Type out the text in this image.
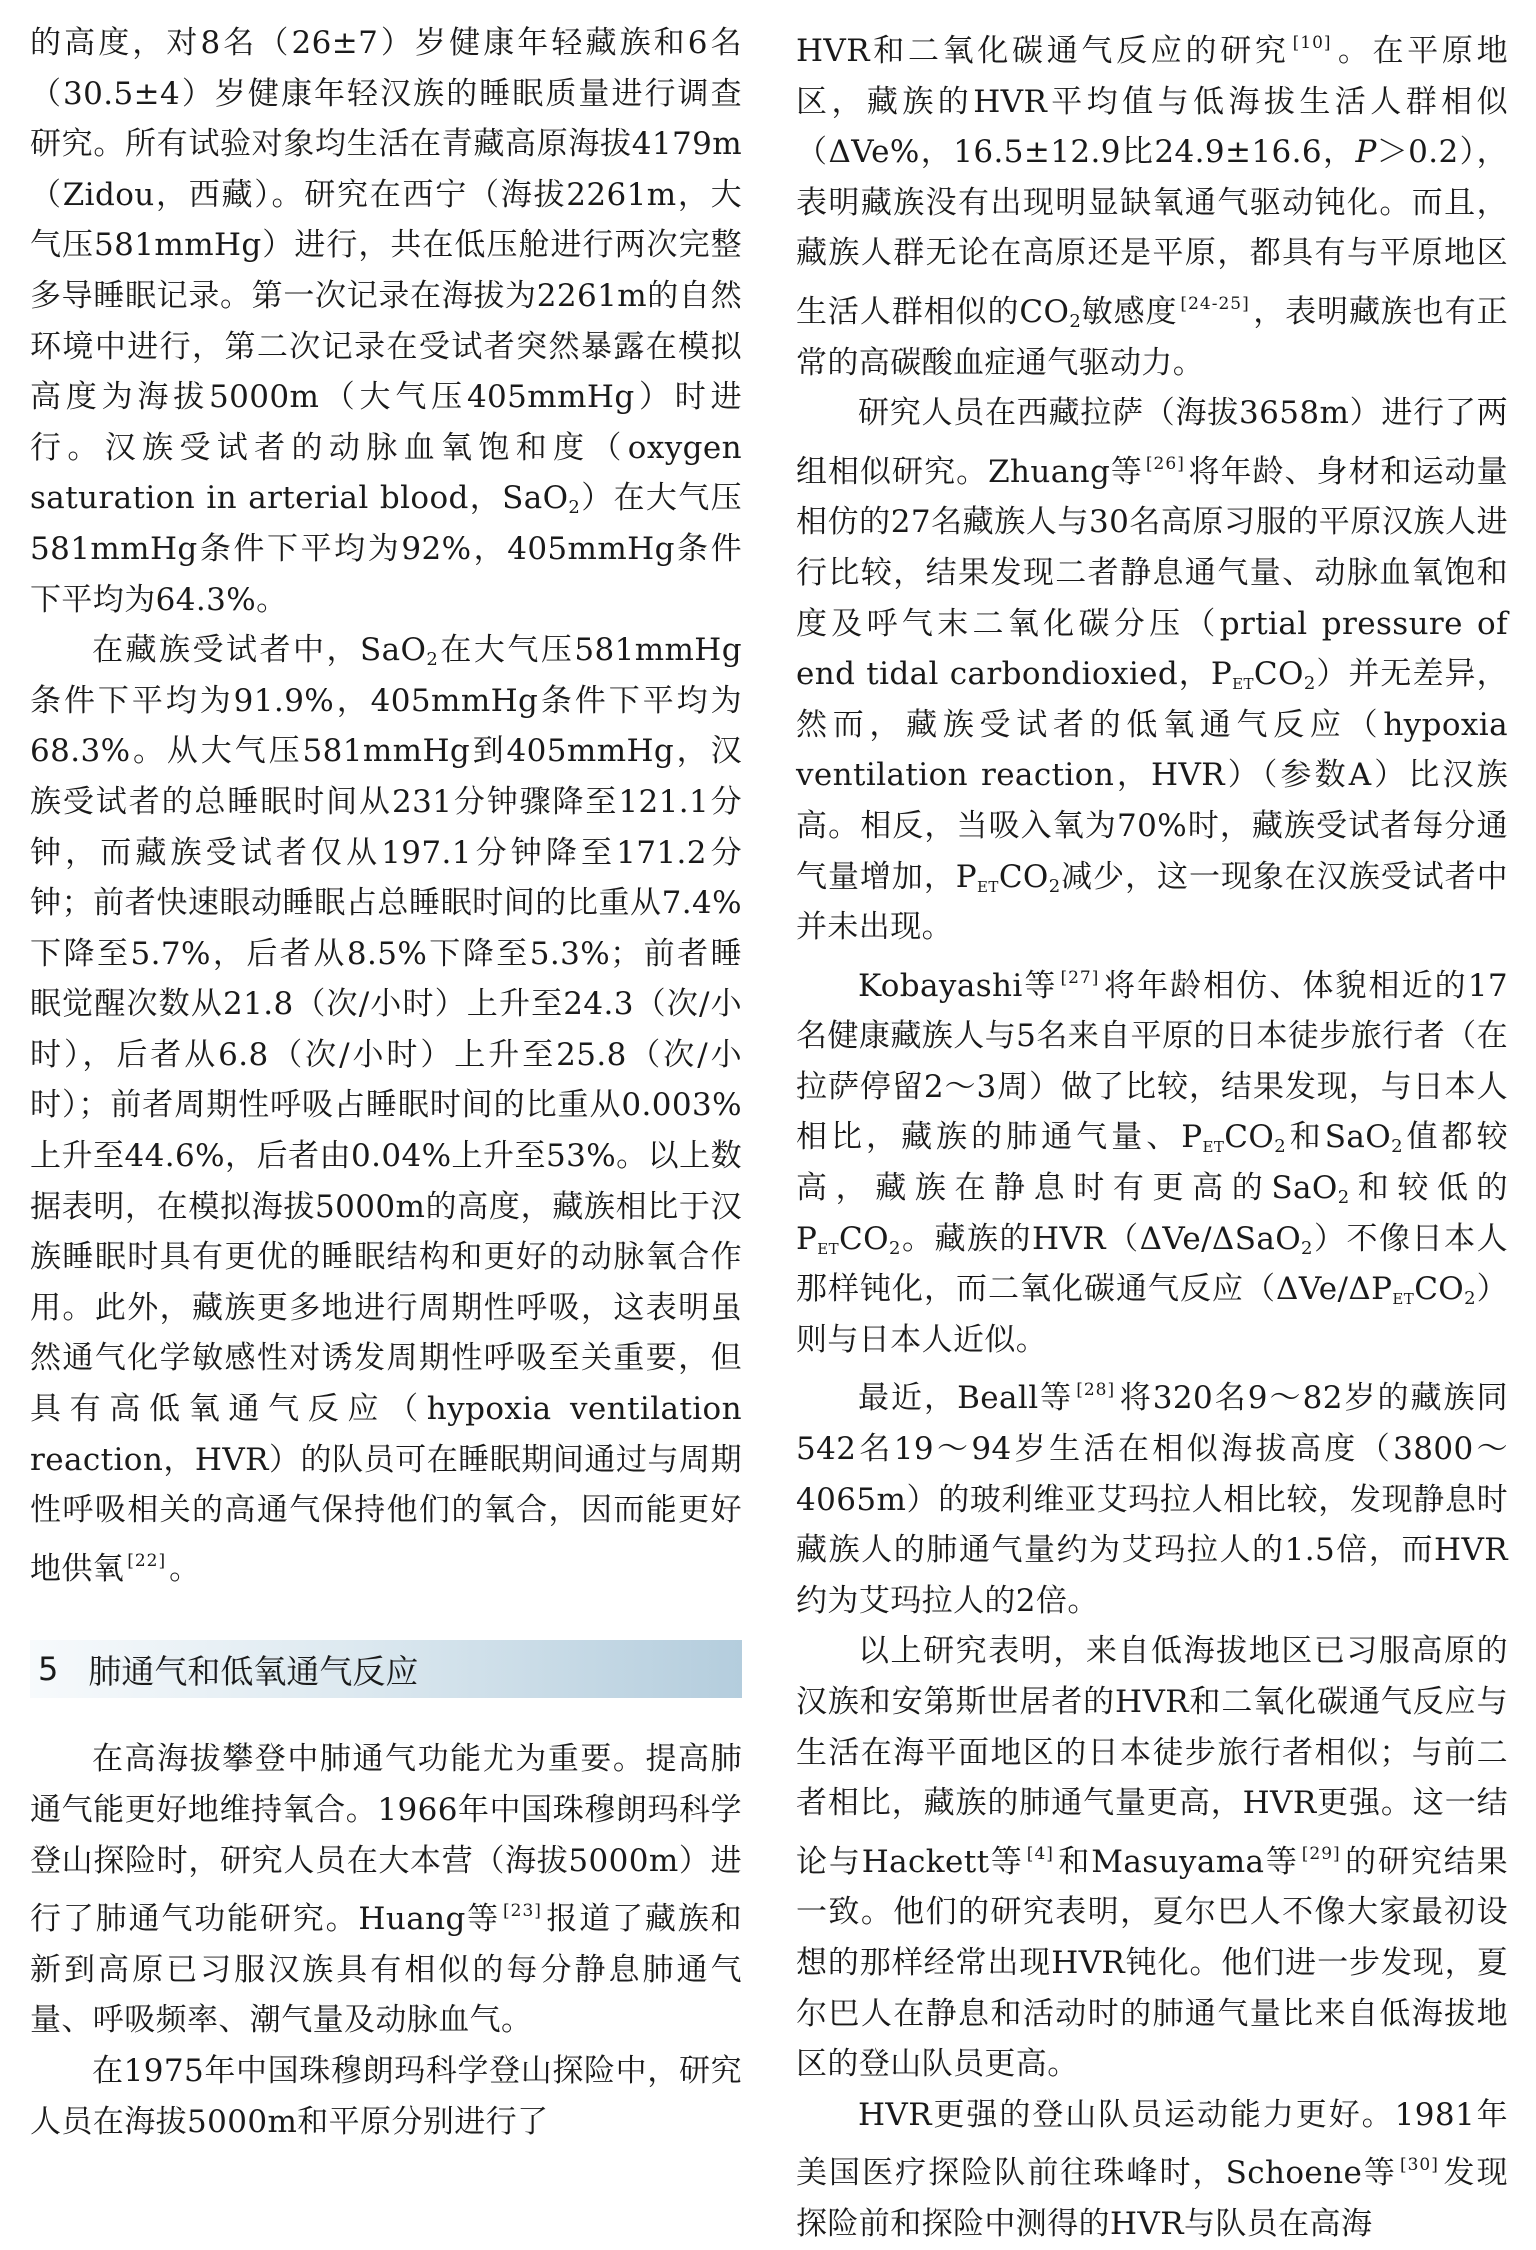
的高度，对8名（26±7）岁健康年轻藏族和6名（30.5±4）岁健康年轻汉族的睡眠质量进行调查研究。所有试验对象均生活在青藏高原海拔4179m（Zidou，西藏）。研究在西宁（海拔2261m，大气压581mmHg）进行，共在低压舱进行两次完整多导睡眠记录。第一次记录在海拔为2261m的自然环境中进行，第二次记录在受试者突然暴露在模拟高度为海拔5000m（大气压405mmHg）时进行。汉族受试者的动脉血氧饱和度（oxygen saturation in arterial blood，SaO$_2$）在大气压581mmHg条件下平均为92%，405mmHg条件下平均为64.3%。

在藏族受试者中，SaO$_2$在大气压581mmHg条件下平均为91.9%，405mmHg条件下平均为68.3%。从大气压581mmHg到405mmHg，汉族受试者的总睡眠时间从231分钟骤降至121.1分钟，而藏族受试者仅从197.1分钟降至171.2分钟；前者快速眼动睡眠占总睡眠时间的比重从7.4%下降至5.7%，后者从8.5%下降至5.3%；前者睡眠觉醒次数从21.8（次/小时）上升至24.3（次/小时），后者从6.8（次/小时）上升至25.8（次/小时）；前者周期性呼吸占睡眠时间的比重从0.003%上升至44.6%，后者由0.04%上升至53%。以上数据表明，在模拟海拔5000m的高度，藏族相比于汉族睡眠时具有更优的睡眠结构和更好的动脉氧合作用。此外，藏族更多地进行周期性呼吸，这表明虽然通气化学敏感性对诱发周期性呼吸至关重要，但具有高低氧通气反应（hypoxia ventilation reaction，HVR）的队员可在睡眠期间通过与周期性呼吸相关的高通气保持他们的氧合，因而能更好地供氧 [22]。

5 肺通气和低氧通气反应

在高海拔攀登中肺通气功能尤为重要。提高肺通气能更好地维持氧合。1966年中国珠穆朗玛科学登山探险时，研究人员在大本营（海拔5000m）进行了肺通气功能研究。Huang等 [23]报道了藏族和新到高原已习服汉族具有相似的每分静息肺通气量、呼吸频率、潮气量及动脉血气。

在1975年中国珠穆朗玛科学登山探险中，研究人员在海拔5000m和平原分别进行了

HVR和二氧化碳通气反应的研究 [10]。在平原地区，藏族的HVR平均值与低海拔生活人群相似（ΔVe%，16.5±12.9比24.9±16.6，P＞0.2），表明藏族没有出现明显缺氧通气驱动钝化。而且，藏族人群无论在高原还是平原，都具有与平原地区生活人群相似的$CO_2$敏感度 [24-25]，表明藏族也有正常的高碳酸血症通气驱动力。

研究人员在西藏拉萨（海拔3658m）进行了两组相似研究。Zhuang等 [26]将年龄、身材和运动量相仿的27名藏族人与30名高原习服的平原汉族人进行比较，结果发现二者静息通气量、动脉血氧饱和度及呼气末二氧化碳分压（prtial pressure of end tidal carbondioxied，$P_{ET}CO_2$）并无差异，然而，藏族受试者的低氧通气反应（hypoxia ventilation reaction，HVR）（参数A）比汉族高。相反，当吸入氧为70%时，藏族受试者每分通气量增加，$P_{ET}CO_2$减少，这一现象在汉族受试者中并未出现。

Kobayashi等 [27]将年龄相仿、体貌相近的17名健康藏族人与5名来自平原的日本徒步旅行者（在拉萨停留2～3周）做了比较，结果发现，与日本人相比，藏族的肺通气量、$P_{ET}CO_2$和SaO$_2$值都较高，藏族在静息时有更高的SaO$_2$和较低的$P_{ET}CO_2$。藏族的HVR（ΔVe/ΔSaO$_2$）不像日本人那样钝化，而二氧化碳通气反应$(\Delta Ve/\Delta P_{ET}CO_2)$则与日本人近似。

最近，Beall等 [28]将320名9～82岁的藏族同542名19～94岁生活在相似海拔高度（3800～4065m）的玻利维亚艾玛拉人相比较，发现静息时藏族人的肺通气量约为艾玛拉人的1.5倍，而HVR约为艾玛拉人的2倍。

以上研究表明，来自低海拔地区已习服高原的汉族和安第斯世居者的HVR和二氧化碳通气反应与生活在海平面地区的日本徒步旅行者相似；与前二者相比，藏族的肺通气量更高，HVR更强。这一结论与Hackett等 [4]和Masuyama等 [29]的研究结果一致。他们的研究表明，夏尔巴人不像大家最初设想的那样经常出现HVR钝化。他们进一步发现，夏尔巴人在静息和活动时的肺通气量比来自低海拔地区的登山队员更高。

HVR更强的登山队员运动能力更好。1981年美国医疗探险队前往珠峰时，Schoene等 [30]发现探险前和探险中测得的HVR与队员在高海
